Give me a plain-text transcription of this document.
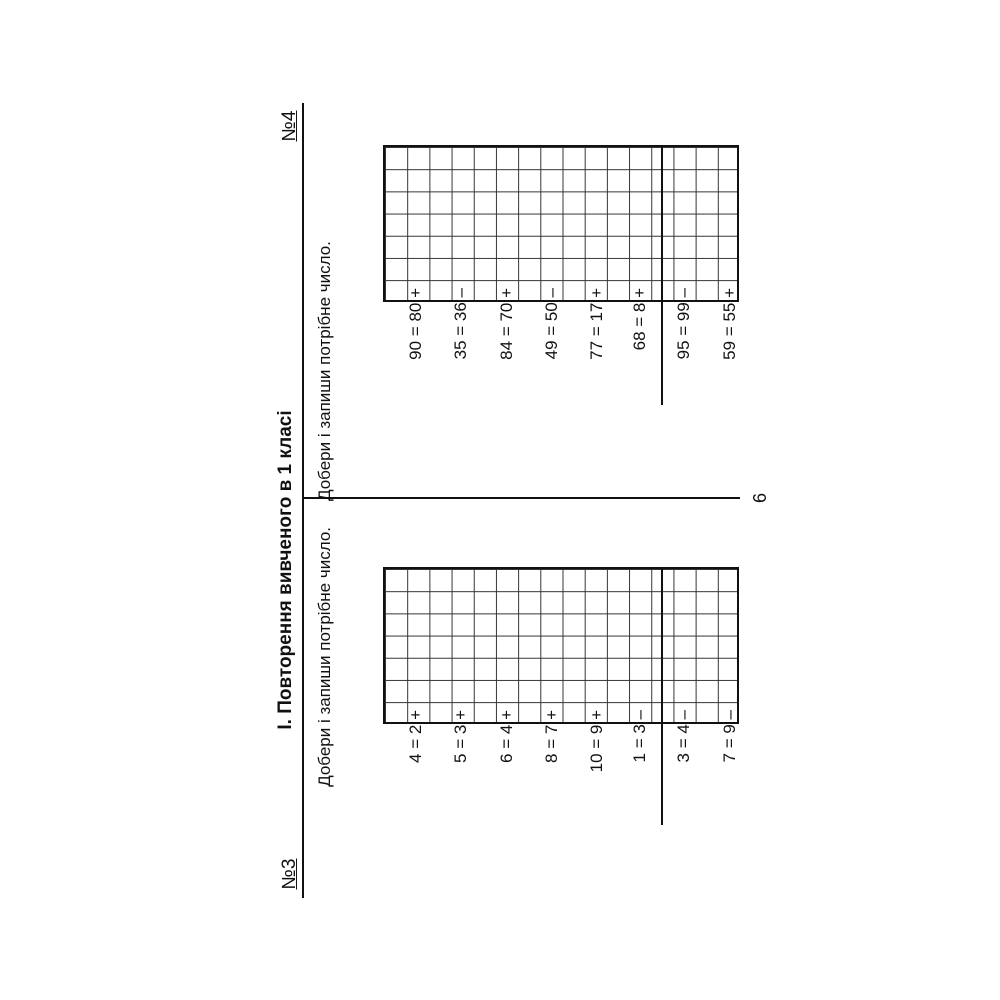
І. Повторення вивченого в 1 класі
№3
№4
6
Добери і запиши потрібне число.
Добери і запиши потрібне число.
4 = 2 + 5 = 3 + 6 = 4 + 8 = 7 + 10 = 9 + 1 = 3 – 3 = 4 – 7 = 9 –
90 = 80 + 35 = 36 – 84 = 70 + 49 = 50 – 77 = 17 + 68 = 8 + 95 = 99 – 59 = 55 +
